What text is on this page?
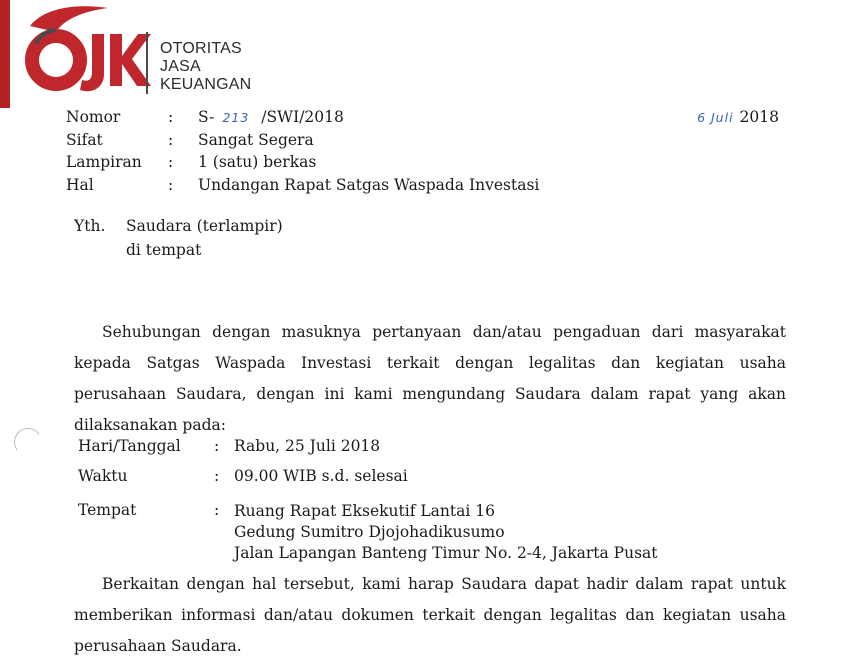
OTORITAS
JASA
KEUANGAN
Nomor	:	S- 213 /SWI/2018
Sifat	:	Sangat Segera
Lampiran	:	1 (satu) berkas
Hal	:	Undangan Rapat Satgas Waspada Investasi
6 Juli 2018
Yth. Saudara (terlampir)
di tempat
Sehubungan dengan masuknya pertanyaan dan/atau pengaduan dari masyarakat
kepada Satgas Waspada Investasi terkait dengan legalitas dan kegiatan usaha
perusahaan Saudara, dengan ini kami mengundang Saudara dalam rapat yang akan
dilaksanakan pada:
Hari/Tanggal	: Rabu, 25 Juli 2018
Waktu	: 09.00 WIB s.d. selesai
Tempat	: Ruang Rapat Eksekutif Lantai 16
Gedung Sumitro Djojohadikusumo
Jalan Lapangan Banteng Timur No. 2-4, Jakarta Pusat
Berkaitan dengan hal tersebut, kami harap Saudara dapat hadir dalam rapat untuk
memberikan informasi dan/atau dokumen terkait dengan legalitas dan kegiatan usaha
perusahaan Saudara.
